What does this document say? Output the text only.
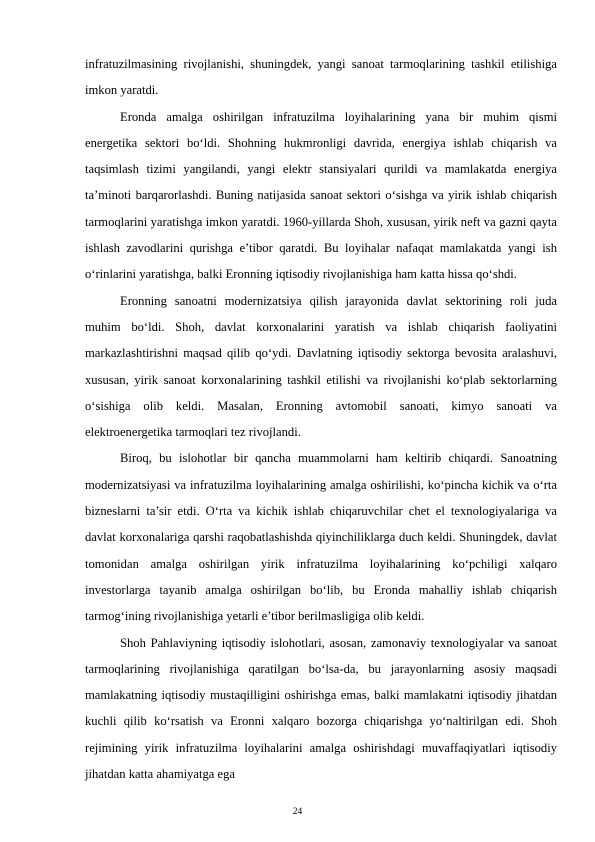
infratuzilmasining rivojlanishi, shuningdek, yangi sanoat tarmoqlarining tashkil etilishiga imkon yaratdi.

Eronda amalga oshirilgan infratuzilma loyihalarining yana bir muhim qismi energetika sektori bo‘ldi. Shohning hukmronligi davrida, energiya ishlab chiqarish va taqsimlash tizimi yangilandi, yangi elektr stansiyalari qurildi va mamlakatda energiya ta’minoti barqarorlashdi. Buning natijasida sanoat sektori o‘sishga va yirik ishlab chiqarish tarmoqlarini yaratishga imkon yaratdi. 1960-yillarda Shoh, xususan, yirik neft va gazni qayta ishlash zavodlarini qurishga e’tibor qaratdi. Bu loyihalar nafaqat mamlakatda yangi ish o‘rinlarini yaratishga, balki Eronning iqtisodiy rivojlanishiga ham katta hissa qo‘shdi.

Eronning sanoatni modernizatsiya qilish jarayonida davlat sektorining roli juda muhim bo‘ldi. Shoh, davlat korxonalarini yaratish va ishlab chiqarish faoliyatini markazlashtirishni maqsad qilib qo‘ydi. Davlatning iqtisodiy sektorga bevosita aralashuvi, xususan, yirik sanoat korxonalarining tashkil etilishi va rivojlanishi ko‘plab sektorlarning o‘sishiga olib keldi. Masalan, Eronning avtomobil sanoati, kimyo sanoati va elektroenergetika tarmoqlari tez rivojlandi.

Biroq, bu islohotlar bir qancha muammolarni ham keltirib chiqardi. Sanoatning modernizatsiyasi va infratuzilma loyihalarining amalga oshirilishi, ko‘pincha kichik va o‘rta bizneslarni ta’sir etdi. O‘rta va kichik ishlab chiqaruvchilar chet el texnologiyalariga va davlat korxonalariga qarshi raqobatlashishda qiyinchiliklarga duch keldi. Shuningdek, davlat tomonidan amalga oshirilgan yirik infratuzilma loyihalarining ko‘pchiligi xalqaro investorlarga tayanib amalga oshirilgan bo‘lib, bu Eronda mahalliy ishlab chiqarish tarmog‘ining rivojlanishiga yetarli e’tibor berilmasligiga olib keldi.

Shoh Pahlaviyning iqtisodiy islohotlari, asosan, zamonaviy texnologiyalar va sanoat tarmoqlarining rivojlanishiga qaratilgan bo‘lsa-da, bu jarayonlarning asosiy maqsadi mamlakatning iqtisodiy mustaqilligini oshirishga emas, balki mamlakatni iqtisodiy jihatdan kuchli qilib ko‘rsatish va Eronni xalqaro bozorga chiqarishga yo‘naltirilgan edi. Shoh rejimining yirik infratuzilma loyihalarini amalga oshirishdagi muvaffaqiyatlari iqtisodiy jihatdan katta ahamiyatga ega

24
